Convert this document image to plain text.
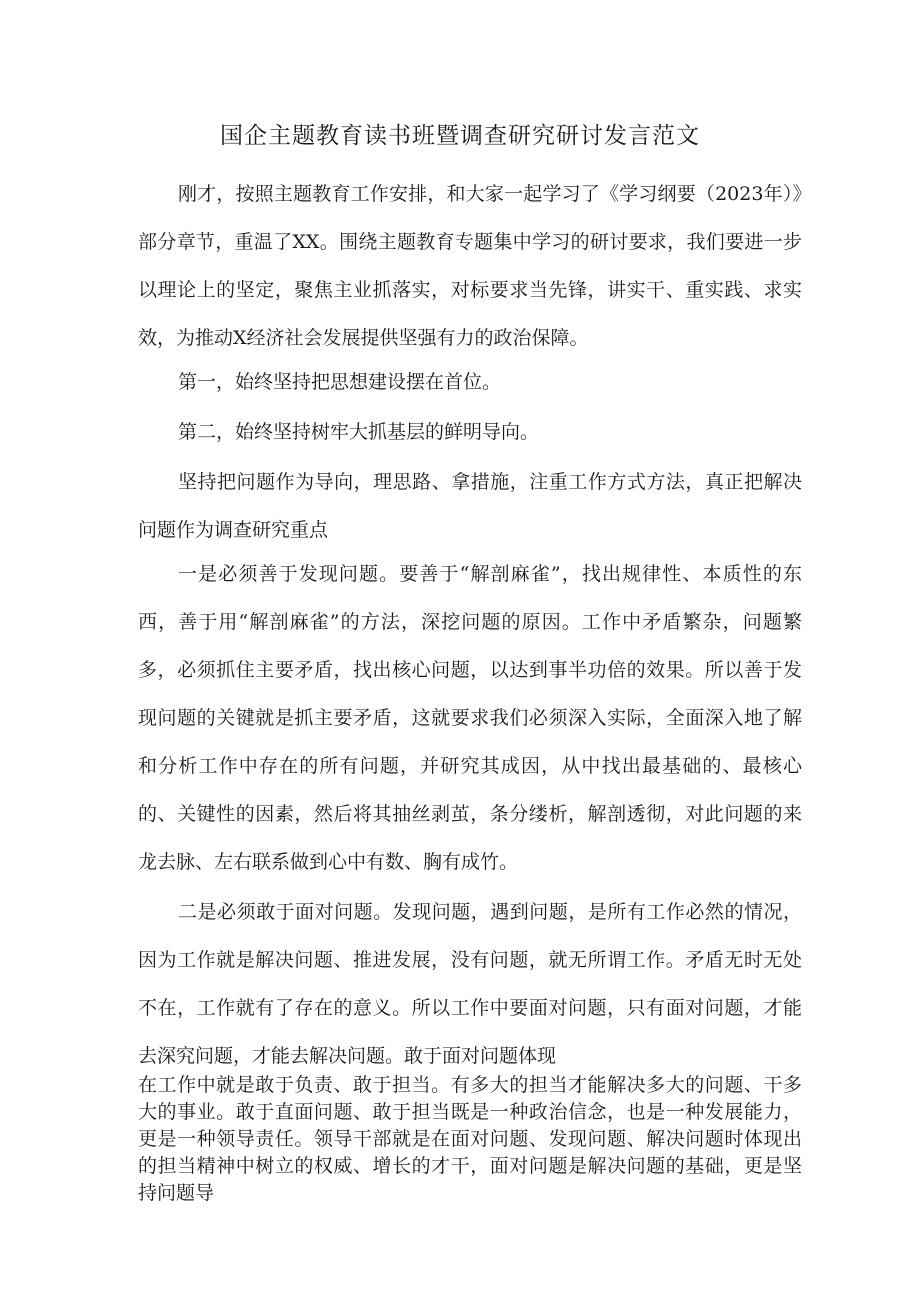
国企主题教育读书班暨调查研究研讨发言范文

刚才，按照主题教育工作安排，和大家一起学习了《学习纲要（2023年）》部分章节，重温了XX。围绕主题教育专题集中学习的研讨要求，我们要进一步以理论上的坚定，聚焦主业抓落实，对标要求当先锋，讲实干、重实践、求实效，为推动X经济社会发展提供坚强有力的政治保障。

第一，始终坚持把思想建设摆在首位。

第二，始终坚持树牢大抓基层的鲜明导向。

坚持把问题作为导向，理思路、拿措施，注重工作方式方法，真正把解决问题作为调查研究重点

一是必须善于发现问题。要善于“解剖麻雀”，找出规律性、本质性的东西，善于用“解剖麻雀”的方法，深挖问题的原因。工作中矛盾繁杂，问题繁多，必须抓住主要矛盾，找出核心问题，以达到事半功倍的效果。所以善于发现问题的关键就是抓主要矛盾，这就要求我们必须深入实际，全面深入地了解和分析工作中存在的所有问题，并研究其成因，从中找出最基础的、最核心的、关键性的因素，然后将其抽丝剥茧，条分缕析，解剖透彻，对此问题的来龙去脉、左右联系做到心中有数、胸有成竹。

二是必须敢于面对问题。发现问题，遇到问题，是所有工作必然的情况，因为工作就是解决问题、推进发展，没有问题，就无所谓工作。矛盾无时无处不在，工作就有了存在的意义。所以工作中要面对问题，只有面对问题，才能去深究问题，才能去解决问题。敢于面对问题体现

在工作中就是敢于负责、敢于担当。有多大的担当才能解决多大的问题、干多大的事业。敢于直面问题、敢于担当既是一种政治信念，也是一种发展能力，更是一种领导责任。领导干部就是在面对问题、发现问题、解决问题时体现出的担当精神中树立的权威、增长的才干，面对问题是解决问题的基础，更是坚持问题导
